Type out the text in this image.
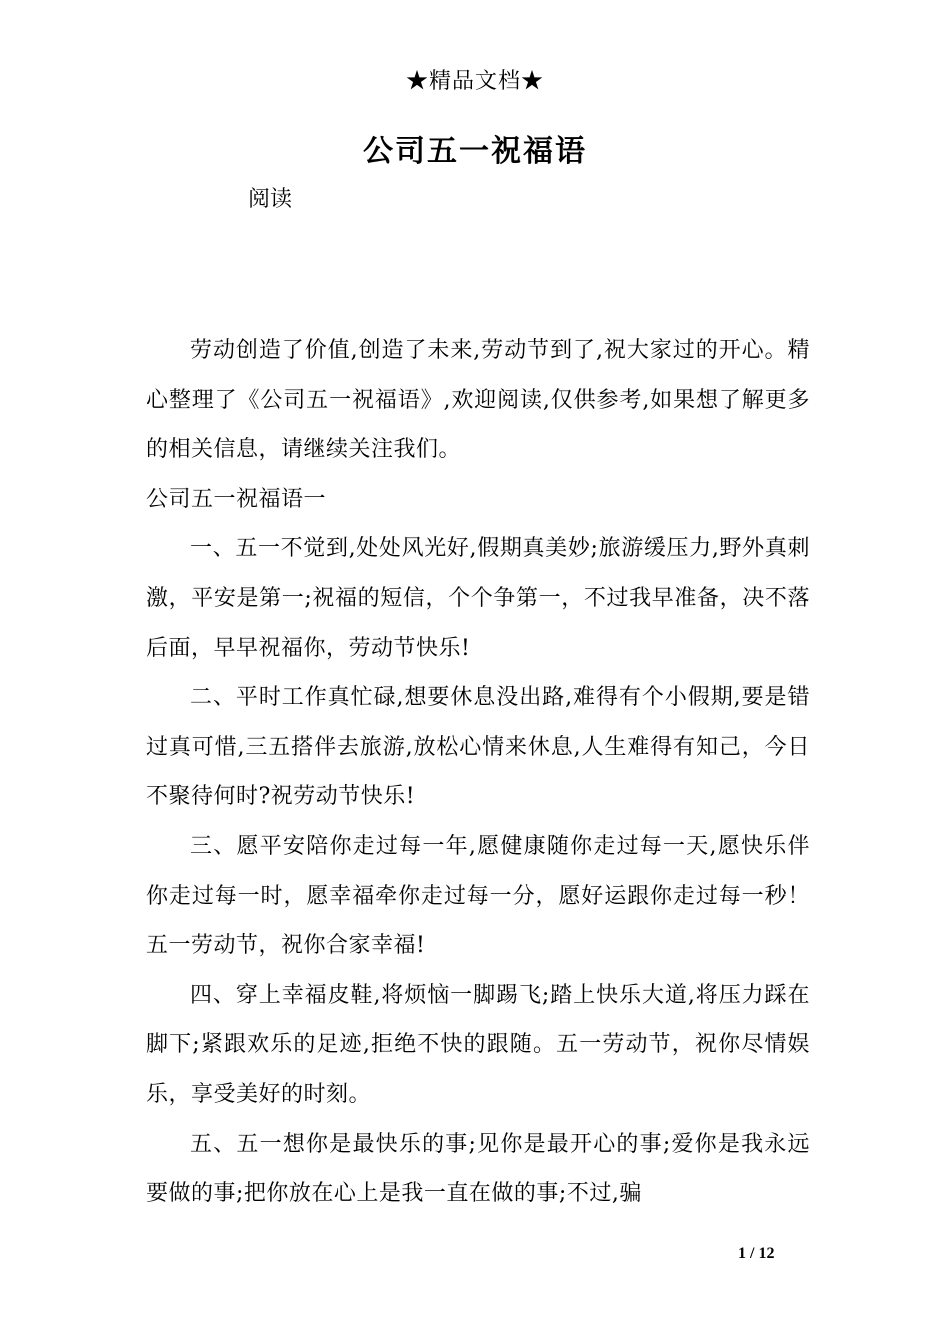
★精品文档★
公司五一祝福语
阅读

劳动创造了价值,创造了未来,劳动节到了,祝大家过的开心。精心整理了《公司五一祝福语》,欢迎阅读,仅供参考,如果想了解更多的相关信息，请继续关注我们。

公司五一祝福语一

一、五一不觉到,处处风光好,假期真美妙;旅游缓压力,野外真刺激，平安是第一;祝福的短信，个个争第一，不过我早准备，决不落后面，早早祝福你，劳动节快乐!

二、平时工作真忙碌,想要休息没出路,难得有个小假期,要是错过真可惜,三五搭伴去旅游,放松心情来休息,人生难得有知己，今日不聚待何时?祝劳动节快乐!

三、愿平安陪你走过每一年,愿健康随你走过每一天,愿快乐伴你走过每一时，愿幸福牵你走过每一分，愿好运跟你走过每一秒！五一劳动节，祝你合家幸福!

四、穿上幸福皮鞋,将烦恼一脚踢飞;踏上快乐大道,将压力踩在脚下;紧跟欢乐的足迹,拒绝不快的跟随。五一劳动节，祝你尽情娱乐，享受美好的时刻。

五、五一想你是最快乐的事;见你是最开心的事;爱你是我永远要做的事;把你放在心上是我一直在做的事;不过,骗

1 / 12
